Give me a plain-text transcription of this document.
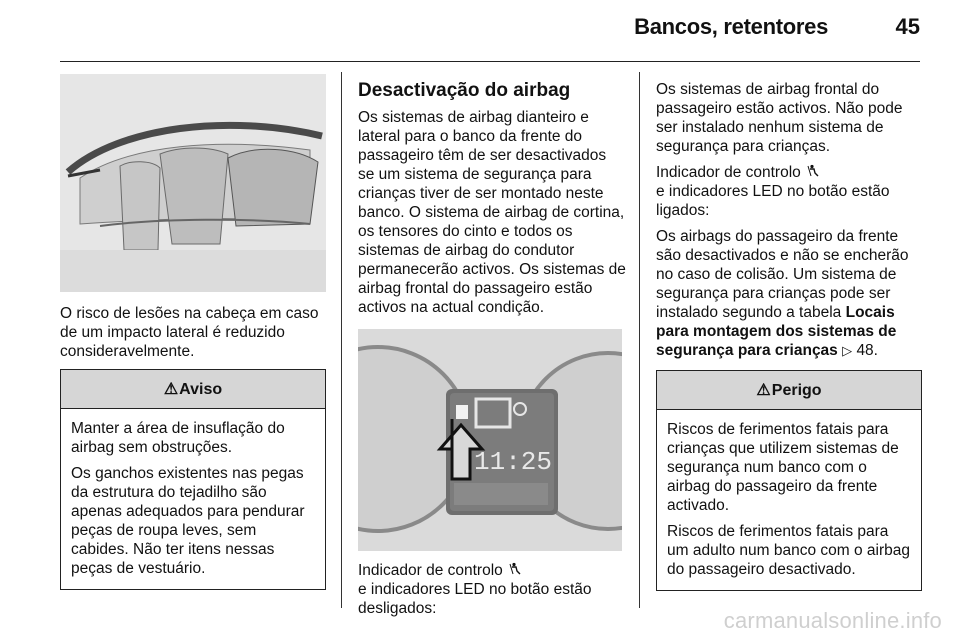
Bancos, retentores	45

O risco de lesões na cabeça em caso de um impacto lateral é reduzido consideravelmente.

⚠Aviso

Manter a área de insuflação do airbag sem obstruções.

Os ganchos existentes nas pegas da estrutura do tejadilho são apenas adequados para pendurar peças de roupa leves, sem cabides. Não ter itens nessas peças de vestuário.

Desactivação do airbag

Os sistemas de airbag dianteiro e lateral para o banco da frente do passageiro têm de ser desactivados se um sistema de segurança para crianças tiver de ser montado neste banco. O sistema de airbag de cortina, os tensores do cinto e todos os sistemas de airbag do condutor permanecerão activos. Os sistemas de airbag frontal do passageiro estão activos na actual condição.

11:25

Indicador de controlo
e indicadores LED no botão estão desligados:

Os sistemas de airbag frontal do passageiro estão activos. Não pode ser instalado nenhum sistema de segurança para crianças.

Indicador de controlo
e indicadores LED no botão estão ligados:

Os airbags do passageiro da frente são desactivados e não se encherão no caso de colisão. Um sistema de segurança para crianças pode ser instalado segundo a tabela Locais para montagem dos sistemas de segurança para crianças ▷ 48.

⚠Perigo

Riscos de ferimentos fatais para crianças que utilizem sistemas de segurança num banco com o airbag do passageiro da frente activado.

Riscos de ferimentos fatais para um adulto num banco com o airbag do passageiro desactivado.

carmanualsonline.info
